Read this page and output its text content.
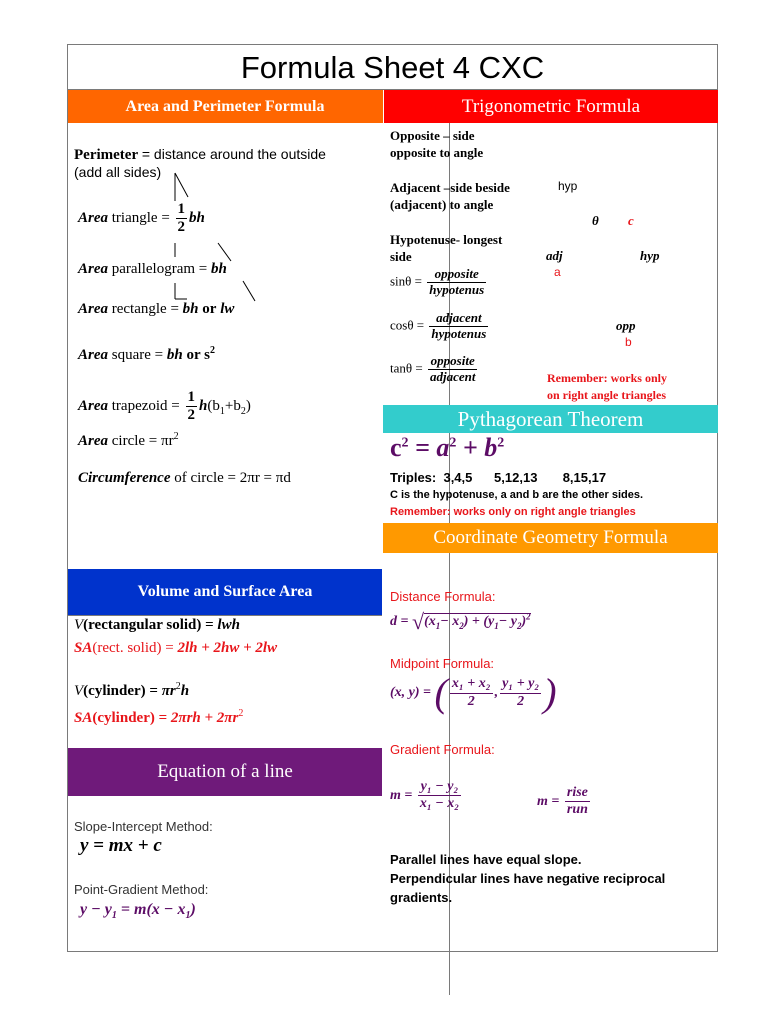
Formula Sheet 4 CXC
Area and Perimeter Formula	Trigonometric Formula
Pythagorean Theorem
Coordinate Geometry Formula
Volume and Surface Area
Equation of a line
Perimeter = distance around the outside
(add all sides)
Area triangle = $\frac{1}{2}$ bh
Area parallelogram = bh
Area rectangle = bh or lw
Area square = bh or $s^2$
Area trapezoid = $\frac{1}{2} h(b_1+b_2)$
Area circle = $\pi r^2$
Circumference of circle = 2πr = πd
Opposite – side
opposite to angle
Adjacent –side beside
(adjacent) to angle
Hypotenuse- longest
side
hyp
θ c
adj	hyp
a
opp
b
$\sin\theta = \frac{\text{opposite}}{\text{hypotenus}}$
$\cos\theta = \frac{\text{adjacent}}{\text{hypotenus}}$
$\tan\theta = \frac{\text{opposite}}{\text{adjacent}}$	Remember: works only
on right angle triangles
$c^2 = a^2 + b^2$
Triples:  3,4,5      5,12,13       8,15,17
C is the hypotenuse, a and b are the other sides.
Remember: works only on right angle triangles
Distance Formula:
$d = √(x_1- x_2) + (y_1- y_2)^2$
Midpoint Formula:
(x, y) = ( $\frac{\text{x₁ + x₂}}{2}$ , $\frac{\text{y₁ + y₂}}{2}$ )
Gradient Formula:
$m = \frac{\text{y₁ − y₂}}{\text{x₁ − x₂}}$	$m = \frac{\text{rise}}{\text{run}}$
Parallel lines have equal slope.
Perpendicular lines have negative reciprocal
gradients.
V(rectangular solid) = lwh
SA(rect. solid) = 2lh + 2hw + 2lw
V(cylinder) = $\pi r^2h$
SA(cylinder) = $2\pi rh + 2\pi r^2$
Slope-Intercept Method:
y = mx + c
Point-Gradient Method:
$y - y_1 = m(x - x_1)$
